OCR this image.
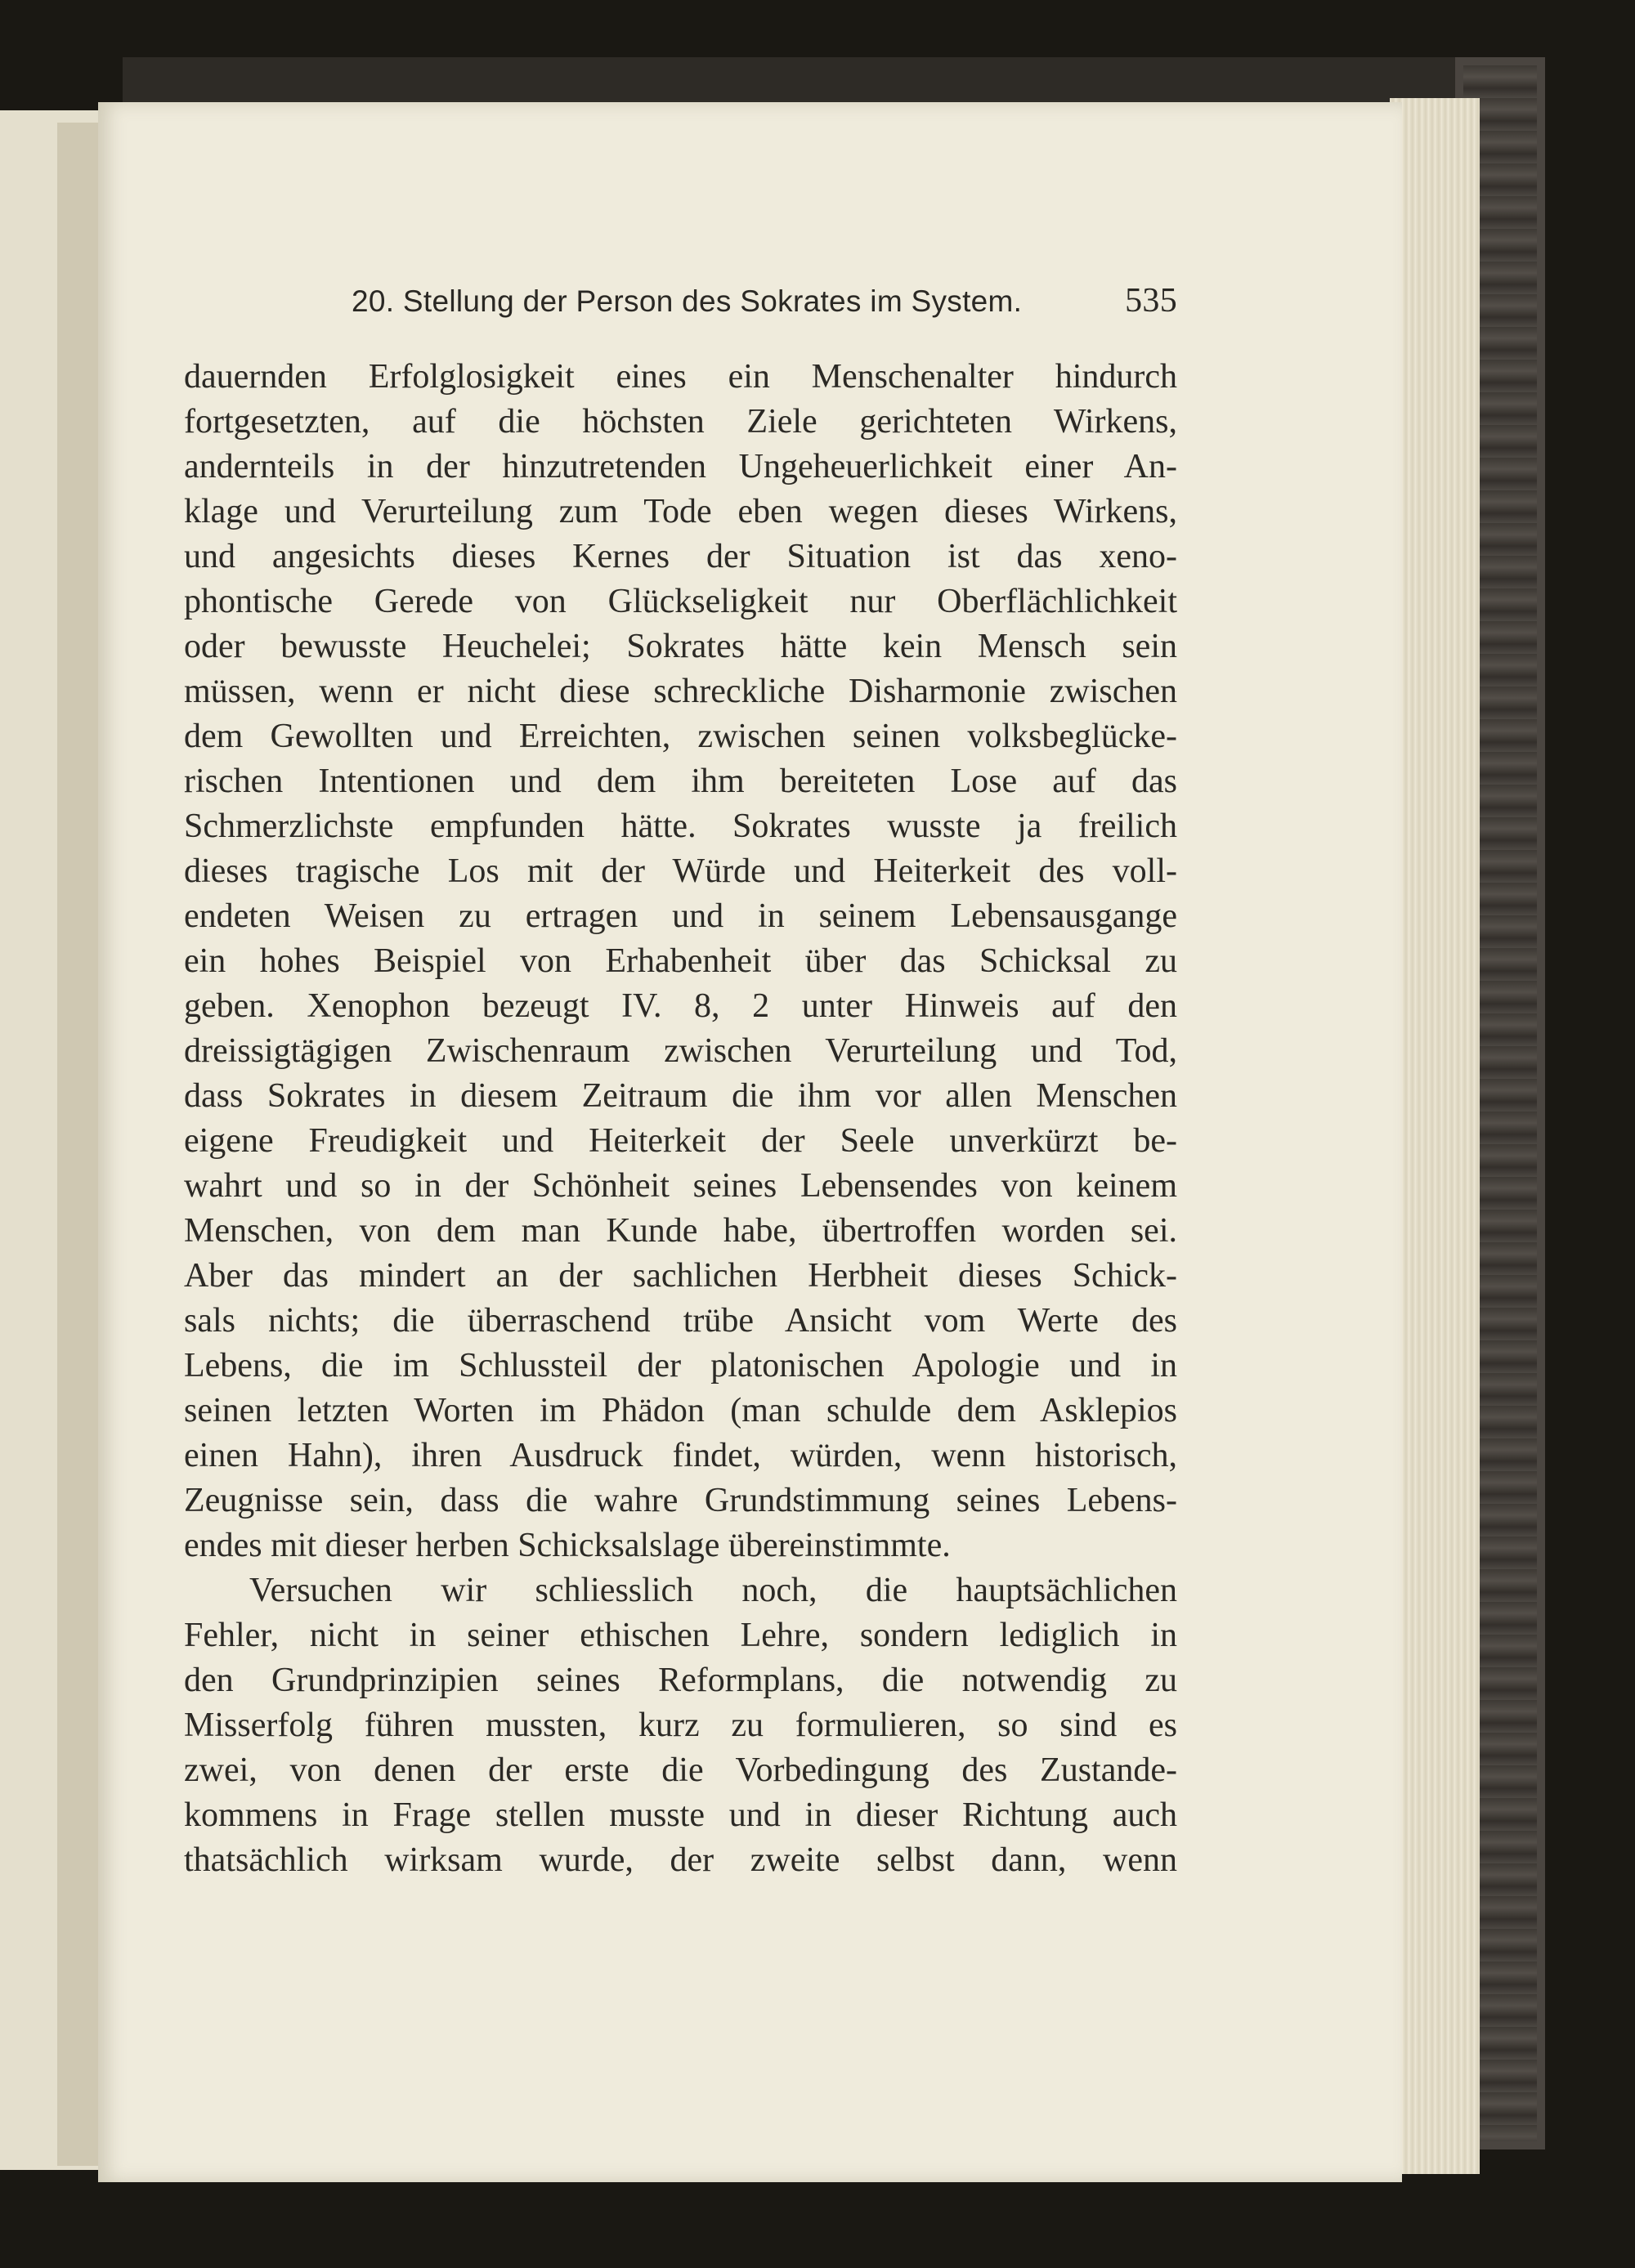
20. Stellung der Person des Sokrates im System.	535
dauernden Erfolglosigkeit eines ein Menschenalter hindurch
fortgesetzten, auf die höchsten Ziele gerichteten Wirkens,
andernteils in der hinzutretenden Ungeheuerlichkeit einer An-
klage und Verurteilung zum Tode eben wegen dieses Wirkens,
und angesichts dieses Kernes der Situation ist das xeno-
phontische Gerede von Glückseligkeit nur Oberflächlichkeit
oder bewusste Heuchelei; Sokrates hätte kein Mensch sein
müssen, wenn er nicht diese schreckliche Disharmonie zwischen
dem Gewollten und Erreichten, zwischen seinen volksbeglücke-
rischen Intentionen und dem ihm bereiteten Lose auf das
Schmerzlichste empfunden hätte. Sokrates wusste ja freilich
dieses tragische Los mit der Würde und Heiterkeit des voll-
endeten Weisen zu ertragen und in seinem Lebensausgange
ein hohes Beispiel von Erhabenheit über das Schicksal zu
geben. Xenophon bezeugt IV. 8, 2 unter Hinweis auf den
dreissigtägigen Zwischenraum zwischen Verurteilung und Tod,
dass Sokrates in diesem Zeitraum die ihm vor allen Menschen
eigene Freudigkeit und Heiterkeit der Seele unverkürzt be-
wahrt und so in der Schönheit seines Lebensendes von keinem
Menschen, von dem man Kunde habe, übertroffen worden sei.
Aber das mindert an der sachlichen Herbheit dieses Schick-
sals nichts; die überraschend trübe Ansicht vom Werte des
Lebens, die im Schlussteil der platonischen Apologie und in
seinen letzten Worten im Phädon (man schulde dem Asklepios
einen Hahn), ihren Ausdruck findet, würden, wenn historisch,
Zeugnisse sein, dass die wahre Grundstimmung seines Lebens-
endes mit dieser herben Schicksalslage übereinstimmte.
Versuchen wir schliesslich noch, die hauptsächlichen
Fehler, nicht in seiner ethischen Lehre, sondern lediglich in
den Grundprinzipien seines Reformplans, die notwendig zu
Misserfolg führen mussten, kurz zu formulieren, so sind es
zwei, von denen der erste die Vorbedingung des Zustande-
kommens in Frage stellen musste und in dieser Richtung auch
thatsächlich wirksam wurde, der zweite selbst dann, wenn
